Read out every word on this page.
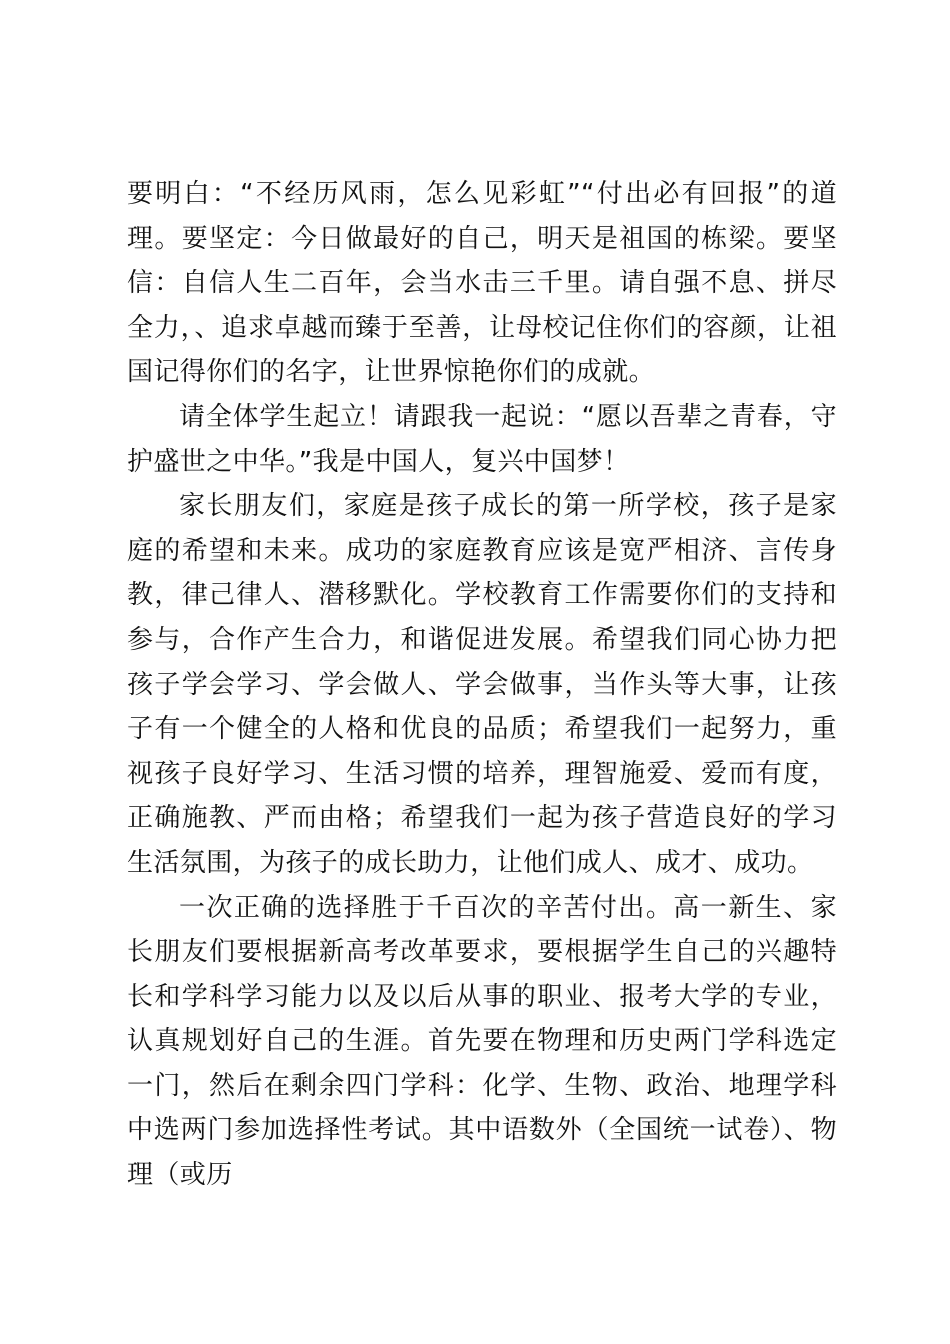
要明白：“不经历风雨，怎么见彩虹”“付出必有回报”的道理。要坚定：今日做最好的自己，明天是祖国的栋梁。要坚信：自信人生二百年，会当水击三千里。请自强不息、拼尽全力，、追求卓越而臻于至善，让母校记住你们的容颜，让祖国记得你们的名字，让世界惊艳你们的成就。

请全体学生起立！请跟我一起说：“愿以吾辈之青春，守护盛世之中华。”我是中国人，复兴中国梦！

家长朋友们，家庭是孩子成长的第一所学校，孩子是家庭的希望和未来。成功的家庭教育应该是宽严相济、言传身教，律己律人、潜移默化。学校教育工作需要你们的支持和参与，合作产生合力，和谐促进发展。希望我们同心协力把孩子学会学习、学会做人、学会做事，当作头等大事，让孩子有一个健全的人格和优良的品质；希望我们一起努力，重视孩子良好学习、生活习惯的培养，理智施爱、爱而有度，正确施教、严而由格；希望我们一起为孩子营造良好的学习生活氛围，为孩子的成长助力，让他们成人、成才、成功。

一次正确的选择胜于千百次的辛苦付出。高一新生、家长朋友们要根据新高考改革要求，要根据学生自己的兴趣特长和学科学习能力以及以后从事的职业、报考大学的专业，认真规划好自己的生涯。首先要在物理和历史两门学科选定一门，然后在剩余四门学科：化学、生物、政治、地理学科中选两门参加选择性考试。其中语数外（全国统一试卷）、物理（或历
